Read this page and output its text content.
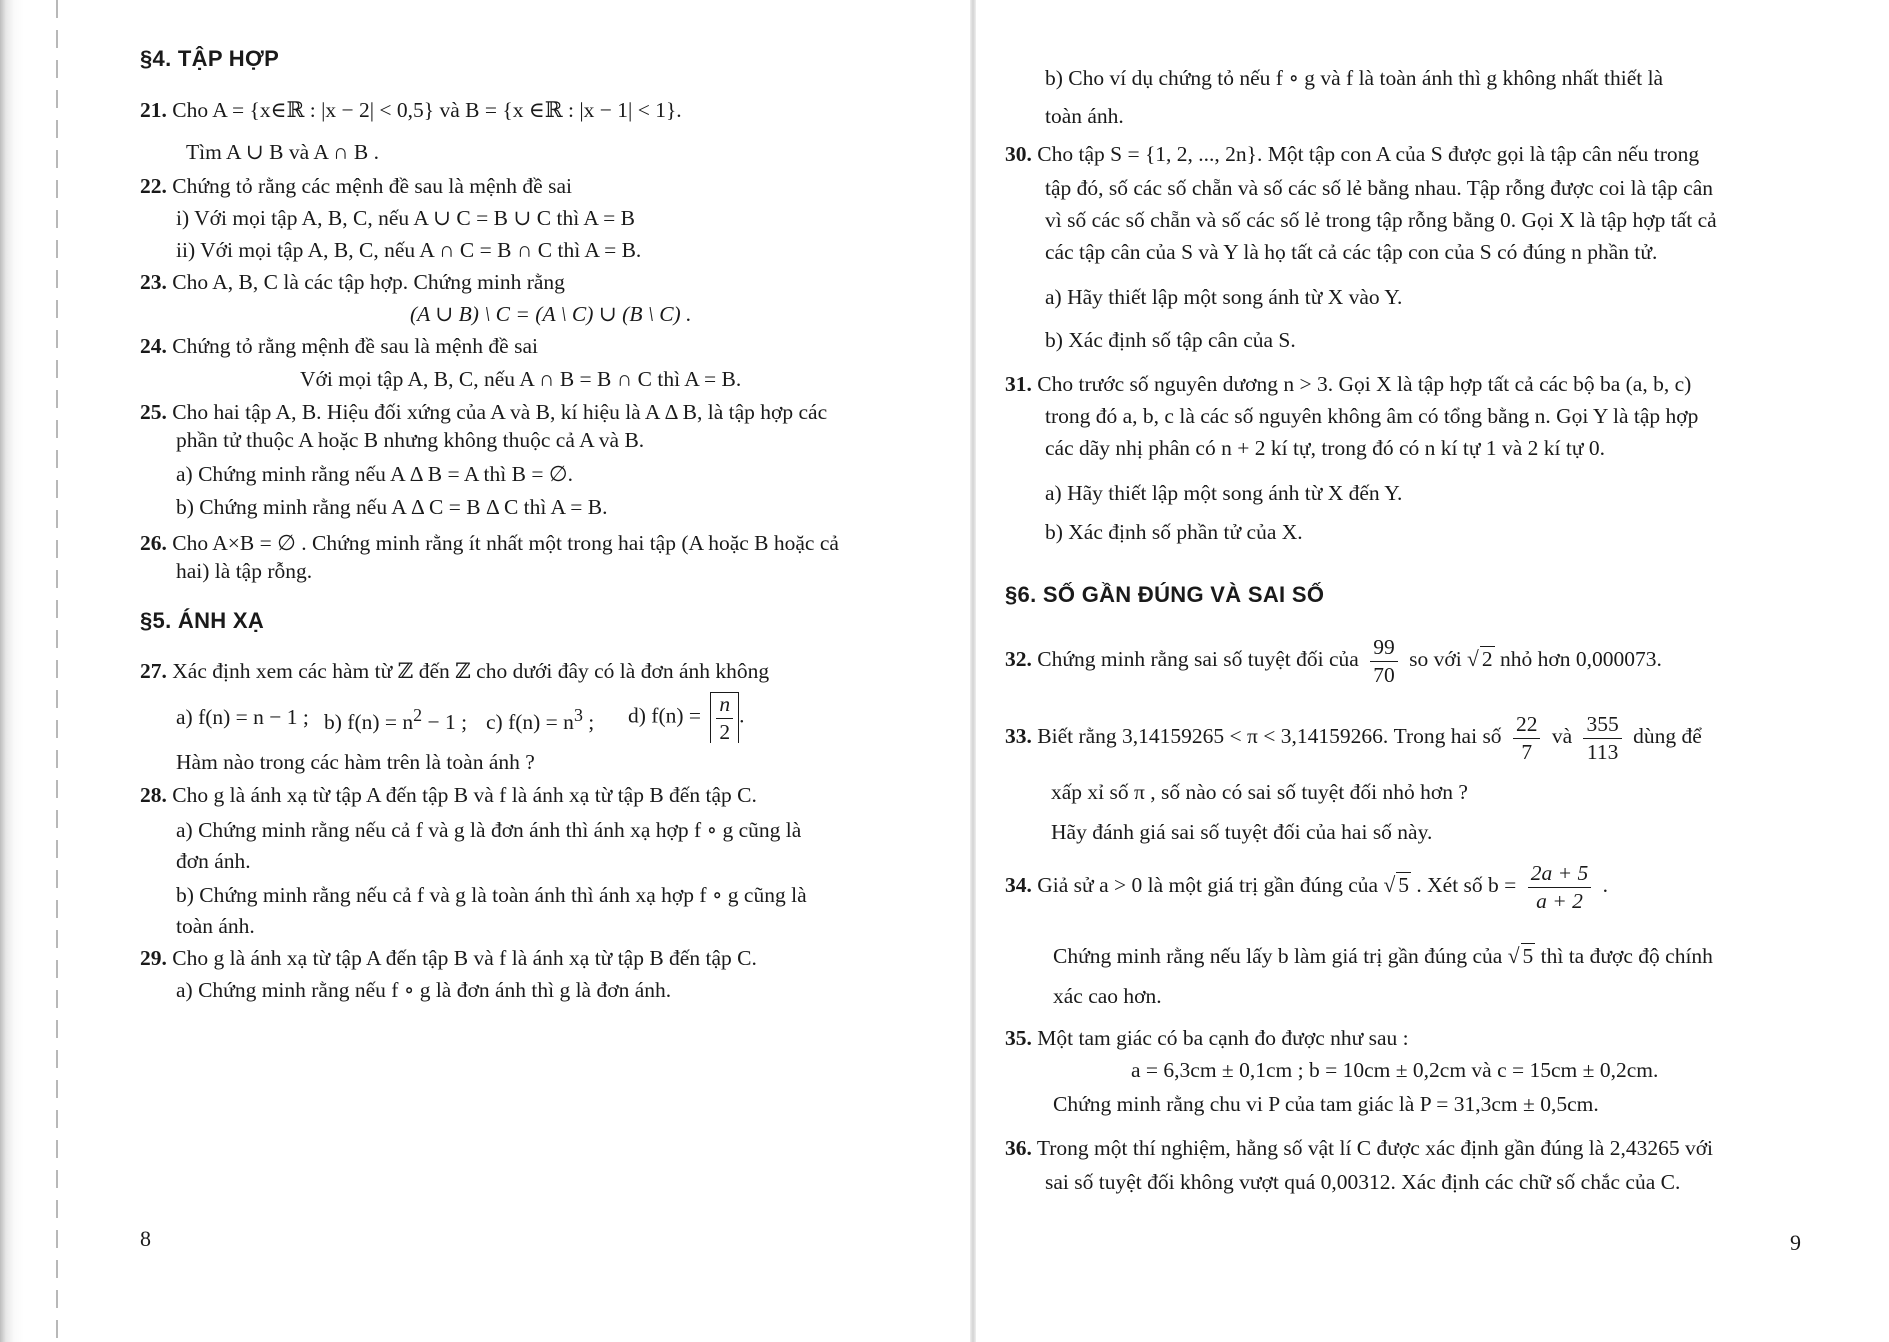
§4. TẬP HỢP
21. Cho A = {x∈ℝ : |x − 2| < 0,5} và B = {x ∈ℝ : |x − 1| < 1}.
Tìm A ∪ B và A ∩ B .
22. Chứng tỏ rằng các mệnh đề sau là mệnh đề sai
i) Với mọi tập A, B, C, nếu A ∪ C = B ∪ C thì A = B
ii) Với mọi tập A, B, C, nếu A ∩ C = B ∩ C thì A = B.
23. Cho A, B, C là các tập hợp. Chứng minh rằng
(A ∪ B) \ C = (A \ C) ∪ (B \ C) .
24. Chứng tỏ rằng mệnh đề sau là mệnh đề sai
Với mọi tập A, B, C, nếu A ∩ B = B ∩ C thì A = B.
25. Cho hai tập A, B. Hiệu đối xứng của A và B, kí hiệu là A Δ B, là tập hợp các
phần tử thuộc A hoặc B nhưng không thuộc cả A và B.
a) Chứng minh rằng nếu A Δ B = A thì B = ∅.
b) Chứng minh rằng nếu A Δ C = B Δ C thì A = B.
26. Cho A×B = ∅ . Chứng minh rằng ít nhất một trong hai tập (A hoặc B hoặc cả
hai) là tập rỗng.
§5. ÁNH XẠ
27. Xác định xem các hàm từ ℤ đến ℤ cho dưới đây có là đơn ánh không
a) f(n) = n − 1 ; b) $f(n) = n^2 - 1$ ; c) $f(n) = n^3$ ; d) $f(n) = \frac{n}{2}$ .
Hàm nào trong các hàm trên là toàn ánh ?
28. Cho g là ánh xạ từ tập A đến tập B và f là ánh xạ từ tập B đến tập C.
a) Chứng minh rằng nếu cả f và g là đơn ánh thì ánh xạ hợp f ∘ g cũng là
đơn ánh.
b) Chứng minh rằng nếu cả f và g là toàn ánh thì ánh xạ hợp f ∘ g cũng là
toàn ánh.
29. Cho g là ánh xạ từ tập A đến tập B và f là ánh xạ từ tập B đến tập C.
a) Chứng minh rằng nếu f ∘ g là đơn ánh thì g là đơn ánh.
8
b) Cho ví dụ chứng tỏ nếu f ∘ g và f là toàn ánh thì g không nhất thiết là
toàn ánh.
30. Cho tập S = {1, 2, ..., 2n}. Một tập con A của S được gọi là tập cân nếu trong
tập đó, số các số chẵn và số các số lẻ bằng nhau. Tập rỗng được coi là tập cân
vì số các số chẵn và số các số lẻ trong tập rỗng bằng 0. Gọi X là tập hợp tất cả
các tập cân của S và Y là họ tất cả các tập con của S có đúng n phần tử.
a) Hãy thiết lập một song ánh từ X vào Y.
b) Xác định số tập cân của S.
31. Cho trước số nguyên dương n > 3. Gọi X là tập hợp tất cả các bộ ba (a, b, c)
trong đó a, b, c là các số nguyên không âm có tổng bằng n. Gọi Y là tập hợp
các dãy nhị phân có n + 2 kí tự, trong đó có n kí tự 1 và 2 kí tự 0.
a) Hãy thiết lập một song ánh từ X đến Y.
b) Xác định số phần tử của X.
§6. SỐ GẦN ĐÚNG VÀ SAI SỐ
32. Chứng minh rằng sai số tuyệt đối của $\frac{99}{70}$ so với √ 2 nhỏ hơn 0,000073.
33. Biết rằng 3,14159265 < π < 3,14159266. Trong hai số $\frac{22}{7}$ và $\frac{355}{113}$ dùng để
xấp xỉ số π , số nào có sai số tuyệt đối nhỏ hơn ?
Hãy đánh giá sai số tuyệt đối của hai số này.
34. Giả sử a > 0 là một giá trị gần đúng của √ 5 . Xét số $b = \frac{2a + 5}{a + 2}$ .
Chứng minh rằng nếu lấy b làm giá trị gần đúng của √ 5 thì ta được độ chính
xác cao hơn.
35. Một tam giác có ba cạnh đo được như sau :
a = 6,3cm ± 0,1cm ; b = 10cm ± 0,2cm và c = 15cm ± 0,2cm.
Chứng minh rằng chu vi P của tam giác là P = 31,3cm ± 0,5cm.
36. Trong một thí nghiệm, hằng số vật lí C được xác định gần đúng là 2,43265 với
sai số tuyệt đối không vượt quá 0,00312. Xác định các chữ số chắc của C.
9
